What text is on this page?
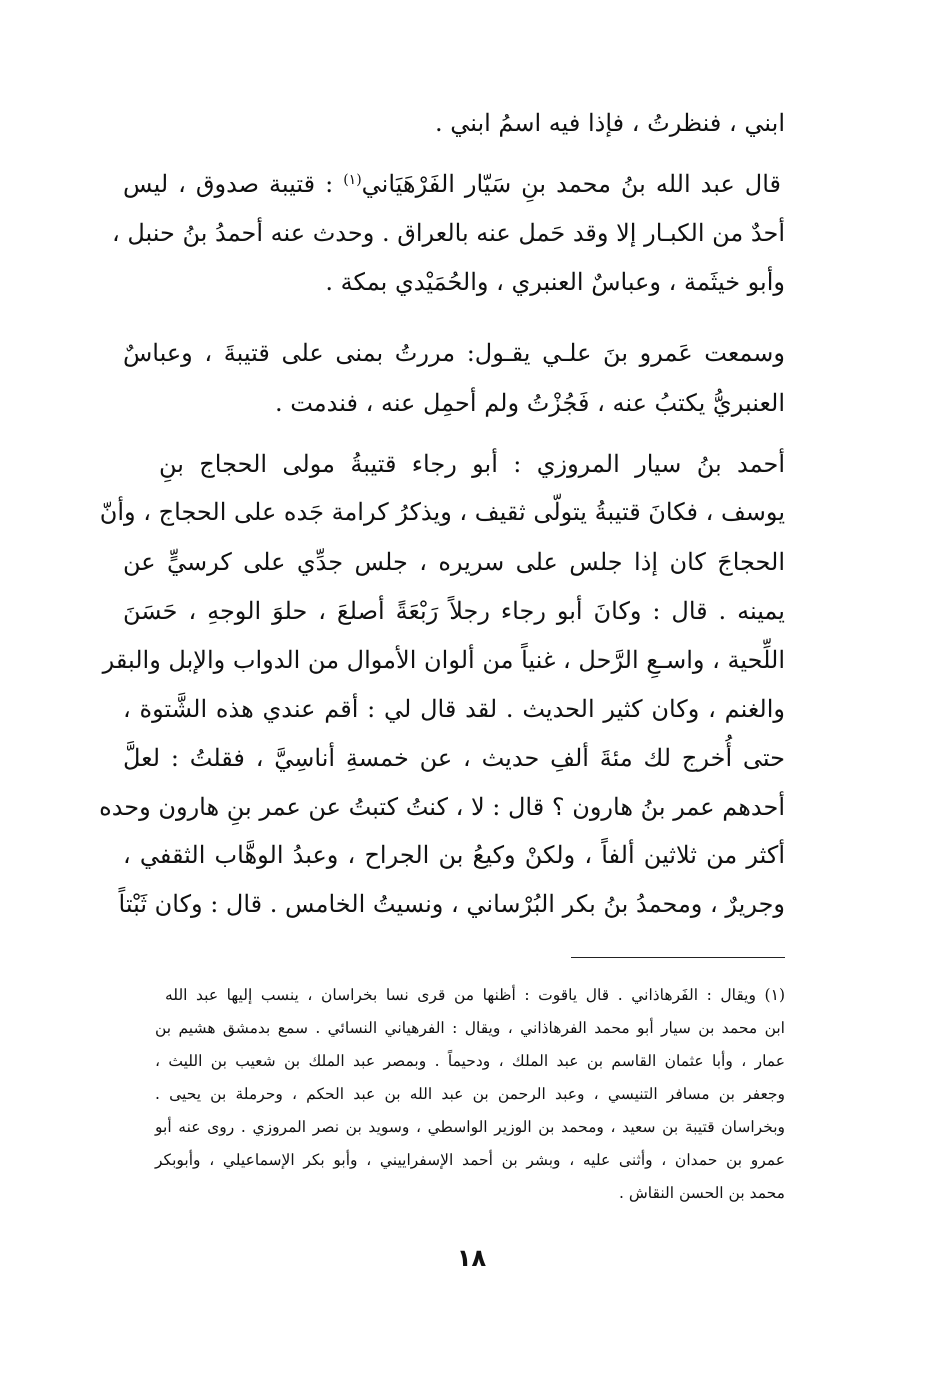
ابني ، فنظرتُ ، فإذا فيه اسمُ ابني .
قال عبد الله بنُ محمد بنِ سَيّار الفَرْهَيَاني$^{(١)}$ : قتيبة صدوق ، ليس
أحدٌ من الكبـار إلا وقد حَمل عنه بالعراق . وحدث عنه أحمدُ بنُ حنبل ،
وأبو خيثَمة ، وعباسٌ العنبري ، والحُمَيْدي بمكة .
وسمعت عَمرو بنَ علـي يقـول: مررتُ بمنى على قتيبةَ ، وعباسٌ
العنبريُّ يكتبُ عنه ، فَجُزْتُ ولم أحمِل عنه ، فندمت .
أحمد بنُ سيار المروزي : أبو رجاء قتيبةُ مولى الحجاج بنِ
يوسف ، فكانَ قتيبةُ يتولّى ثقيف ، ويذكرُ كرامة جَده على الحجاج ، وأنّ
الحجاجَ كان إذا جلس على سريره ، جلس جدِّي على كرسيٍّ عن
يمينه . قال : وكانَ أبو رجاء رجلاً رَبْعَةً أصلعَ ، حلوَ الوجهِ ، حَسَنَ
اللِّحية ، واسـعِ الرَّحل ، غنياً من ألوان الأموال من الدواب والإبل والبقر
والغنم ، وكان كثير الحديث . لقد قال لي : أقم عندي هذه الشَّتوة ،
حتى أُخرج لك مئةَ ألفِ حديث ، عن خمسةِ أناسِيَّ ، فقلتُ : لعلَّ
أحدهم عمر بنُ هارون ؟ قال : لا ، كنتُ كتبتُ عن عمر بنِ هارون وحده
أكثر من ثلاثين ألفاً ، ولكنْ وكيعُ بن الجراح ، وعبدُ الوهَّاب الثقفي ،
وجريرٌ ، ومحمدُ بنُ بكر البُرْساني ، ونسيتُ الخامس . قال : وكان ثَبْتاً
(١) ويقال : الفَرهاذاني . قال ياقوت : أظنها من قرى نسا بخراسان ، ينسب إليها عبد الله
ابن محمد بن سيار أبو محمد الفرهاذاني ، ويقال : الفرهياني النسائي . سمع بدمشق هشيم بن
عمار ، وأبا عثمان القاسم بن عبد الملك ، ودحيماً . وبمصر عبد الملك بن شعيب بن الليث ،
وجعفر بن مسافر التنيسي ، وعبد الرحمن بن عبد الله بن عبد الحكم ، وحرملة بن يحيى .
وبخراسان قتيبة بن سعيد ، ومحمد بن الوزير الواسطي ، وسويد بن نصر المروزي . روى عنه أبو
عمرو بن حمدان ، وأثنى عليه ، وبشر بن أحمد الإسفراييني ، وأبو بكر الإسماعيلي ، وأبوبكر
محمد بن الحسن النقاش .
١٨
